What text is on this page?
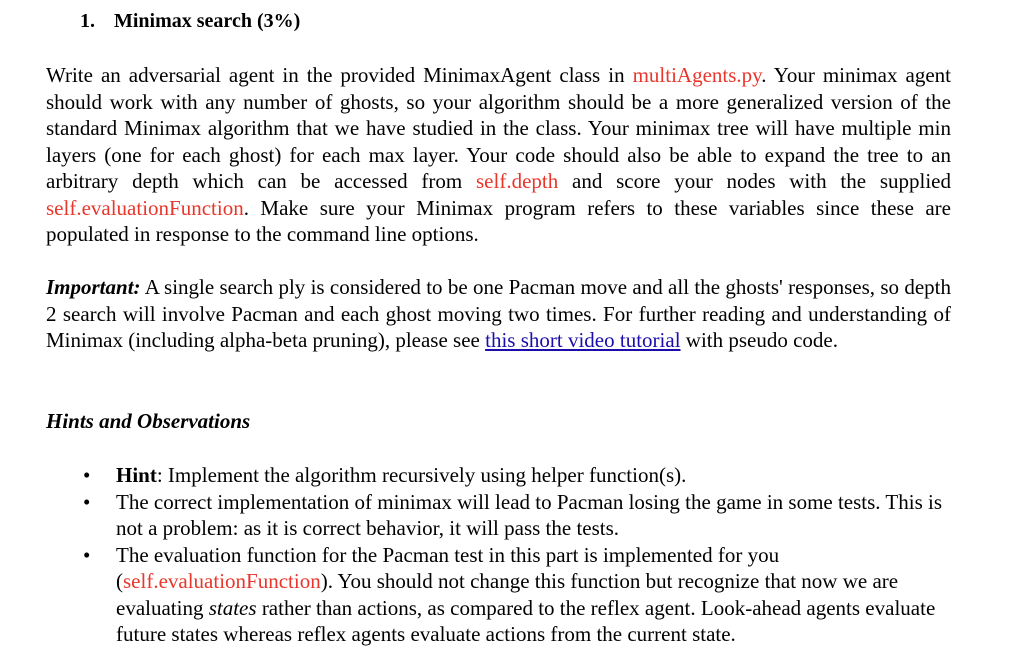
1. Minimax search (3%)

Write an adversarial agent in the provided MinimaxAgent class in multiAgents.py. Your minimax agent should work with any number of ghosts, so your algorithm should be a more generalized version of the standard Minimax algorithm that we have studied in the class. Your minimax tree will have multiple min layers (one for each ghost) for each max layer. Your code should also be able to expand the tree to an arbitrary depth which can be accessed from self.depth and score your nodes with the supplied self.evaluationFunction. Make sure your Minimax program refers to these variables since these are populated in response to the command line options.

Important: A single search ply is considered to be one Pacman move and all the ghosts' responses, so depth 2 search will involve Pacman and each ghost moving two times. For further reading and understanding of Minimax (including alpha-beta pruning), please see this short video tutorial with pseudo code.

Hints and Observations
• Hint: Implement the algorithm recursively using helper function(s).
• The correct implementation of minimax will lead to Pacman losing the game in some tests. This is not a problem: as it is correct behavior, it will pass the tests.
• The evaluation function for the Pacman test in this part is implemented for you (self.evaluationFunction). You should not change this function but recognize that now we are evaluating states rather than actions, as compared to the reflex agent. Look-ahead agents evaluate future states whereas reflex agents evaluate actions from the current state.
